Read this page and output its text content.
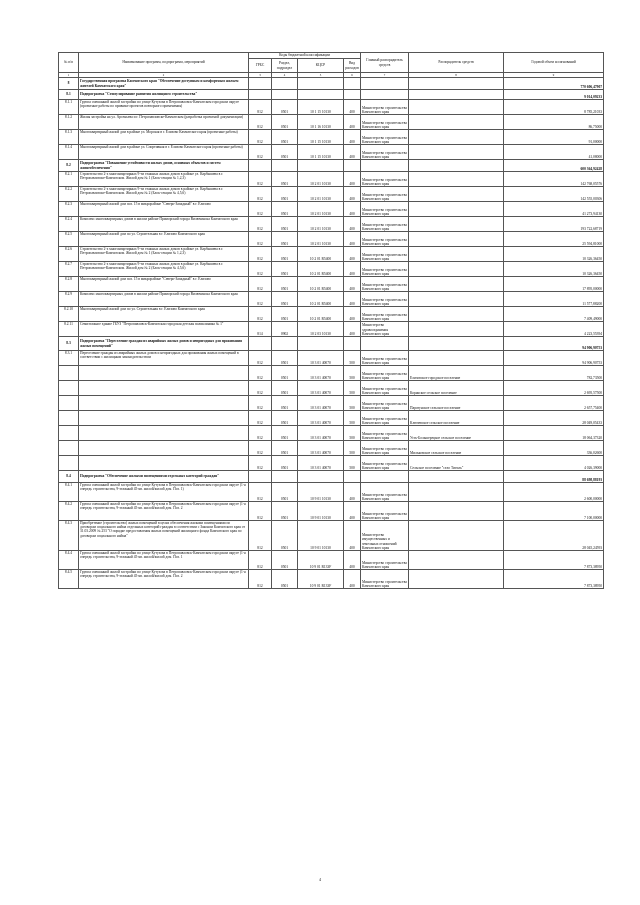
№ п/п	Наименование программ, подпрограмм, мероприятий	Коды бюджетной классификации				Главный распорядитель средств	Распорядитель средств	Годовой объем ассигнований
		ГРБС	Раздел, подраздел	КЦСР	Вид расходов			
1	2	3	4	5	6	7	8	9
8	Государственная программа Камчатского края "Обеспечение доступным и комфортным жильем жителей Камчатского края"							770 606,47907
8.1	Подпрограмма "Стимулирование развития жилищного строительства"							9 014,09233
8.1.1	Группа смешанной жилой застройки по улице Кутузова в Петропавловск-Камчатском городском округе (проектные работы по привязке проектов повторного применения)	812	0501	10 1 15 10130	400	Министерство строительства Камчатского края		8 785,21033
8.1.2	Жилая застройка на ул. Арсеньева и г. Петропавловске-Камчатском (разработка проектной документации)	812	0501	10 1 16 10130	400	Министерство строительства Камчатского края		86,75000
8.1.3	Многоквартирный жилой дом в районе ул. Морская в г. Елизово Камчатского края (проектные работы)	812	0501	10 1 15 10130	400	Министерство строительства Камчатского края		91,00000
8.1.4	Многоквартирный жилой дом в районе ул. Спортивная в г. Елизово Камчатского края (проектные работы)	812	0501	10 1 15 10130	400	Министерство строительства Камчатского края		41,08000
8.2	Подпрограмма "Повышение устойчивости жилых домов, основных объектов и систем жизнеобеспечения"							600 364,92428
8.2.1	Строительство 2-х многоквартирных 9-ти этажных жилых домов в районе ул. Карбышева в г. Петропавловске-Камчатском. Жилой дом № 1 (Блок-секции № 1,2,3)	812	0501	10 2 01 10130	400	Министерство строительства Камчатского края		142 768,05576
8.2.2	Строительство 2-х многоквартирных 9-ти этажных жилых домов в районе ул. Карбышева в г. Петропавловске-Камчатском. Жилой дом № 2 (Блок-секции № 4,5,6)	812	0501	10 2 01 10130	400	Министерство строительства Камчатского края		142 555,00306
8.2.3	Многоквартирный жилой дом поз. 15 в микрорайоне "Северо-Западный" в г. Елизово	812	0501	10 2 01 10130	400	Министерство строительства Камчатского края		41 273,94130
8.2.4	Комплекс многоквартирных домов в жилом районе Приморский города Вилючинска Камчатского края	812	0501	10 2 01 10130	400	Министерство строительства Камчатского края		193 722,68719
8.2.5	Многоквартирный жилой дом по ул. Строительная в г. Елизово Камчатского края	812	0501	10 2 01 10130	400	Министерство строительства Камчатского края		25 594,81000
8.2.6	Строительство 2-х многоквартирных 9-ти этажных жилых домов в районе ул. Карбышева в г. Петропавловске-Камчатском. Жилой дом № 1 (Блок-секции № 1,2,3)	812	0501	10 2 01 R5400	400	Министерство строительства Камчатского края		10 326,36450
8.2.7	Строительство 2-х многоквартирных 9-ти этажных жилых домов в районе ул. Карбышева в г. Петропавловске-Камчатском. Жилой дом № 2 (Блок-секции № 4,5,6)	812	0501	10 2 01 R5400	400	Министерство строительства Камчатского края		10 326,36450
8.2.8	Многоквартирный жилой дом поз. 15 в микрорайоне "Северо-Западный" в г. Елизово	812	0501	10 2 01 R5400	400	Министерство строительства Камчатского края		17 895,00000
8.2.9	Комплекс многоквартирных домов в жилом районе Приморский города Вилючинска Камчатского края	812	0501	10 2 01 R5400	400	Министерство строительства Камчатского края		11 577,88200
8.2.10	Многоквартирный жилой дом по ул. Строительная в г. Елизово Камчатского края	812	0501	10 2 01 R5400	400	Министерство строительства Камчатского края		7 409,49000
8.2.11	Семиэтажное здание ГБУЗ "Петропавловск-Камчатская городская детская поликлиника № 1"	814	0902	10 2 03 10130	400	Министерство здравоохранения Камчатского края		4 223,55394
8.3	Подпрограмма "Переселение граждан из аварийных жилых домов и непригодных для проживания жилых помещений"							94 906,90753
8.3.1	Переселение граждан из аварийных жилых домов и непригодных для проживания жилых помещений в соответствии с жилищным законодательством	812	0501	10 3 01 40070	500	Министерство строительства Камчатского края		94 906,90753
		812	0501	10 3 01 40070	500	Министерство строительства Камчатского края	Елизовское городское поселение	782,73500
		812	0501	10 3 01 40070	500	Министерство строительства Камчатского края	Корякское сельское поселение	2 695,57500
		812	0501	10 3 01 40070	500	Министерство строительства Камчатского края	Паратунское сельское поселение	2 657,75400
		812	0501	10 3 01 40070	500	Министерство строительства Камчатского края	Ключевское сельское поселение	28 049,05433
		812	0501	10 3 01 40070	500	Министерство строительства Камчатского края	Усть-Большерецкое сельское поселение	18 064,37320
		812	0501	10 3 01 40070	500	Министерство строительства Камчатского края	Мильковское сельское поселение	336,02600
		812	0501	10 3 01 40070	500	Министерство строительства Камчатского края	Сельское поселение "село Тигиль"	4 026,39000
8.4	Подпрограмма "Обеспечение жилыми помещениями отдельных категорий граждан"							88 698,88193
8.4.1	Группа смешанной жилой застройки по улице Кутузова в Петропавловск-Камчатском городском округе (1-я очередь строительства, 9-этажный 45-кв. жилой/жилой дом. Поз. 1)	812	0501	10 9 01 10130	400	Министерство строительства Камчатского края		2 600,00000
8.4.2	Группа смешанной жилой застройки по улице Кутузова в Петропавловск-Камчатском городском округе (1-я очередь строительства, 9-этажный 45-кв. жилой/жилой дом. Поз. 2	812	0501	10 9 01 10130	400	Министерство строительства Камчатского края		7 100,00000
8.4.3	Приобретение (строительство) жилых помещений в целях обеспечения жилыми помещениями по договорам социального найма отдельных категорий граждан в соответствии с Законом Камчатского края от 31.03.2009 № 253 "О порядке предоставления жилых помещений жилищного фонда Камчатского края по договорам социального найма"	812	0501	10 9 01 10130	400	Министерство имущественных и земельных отношений Камчатского края		28 045,24593
8.4.4	Группа смешанной жилой застройки по улице Кутузова в Петропавловск-Камчатском городском округе (1-я очередь строительства, 9-этажный 45-кв. жилой/жилой дом. Поз. 1	812	0501	10 9 01 R133F	400	Министерство строительства Камчатского края		7 873,38950
8.4.5	Группа смешанной жилой застройки по улице Кутузова в Петропавловск-Камчатском городском округе (1-я очередь строительства, 9-этажный 45-кв. жилой/жилой дом. Поз. 2	812	0501	10 9 01 R133F	400	Министерство строительства Камчатского края		7 873,38950
4
